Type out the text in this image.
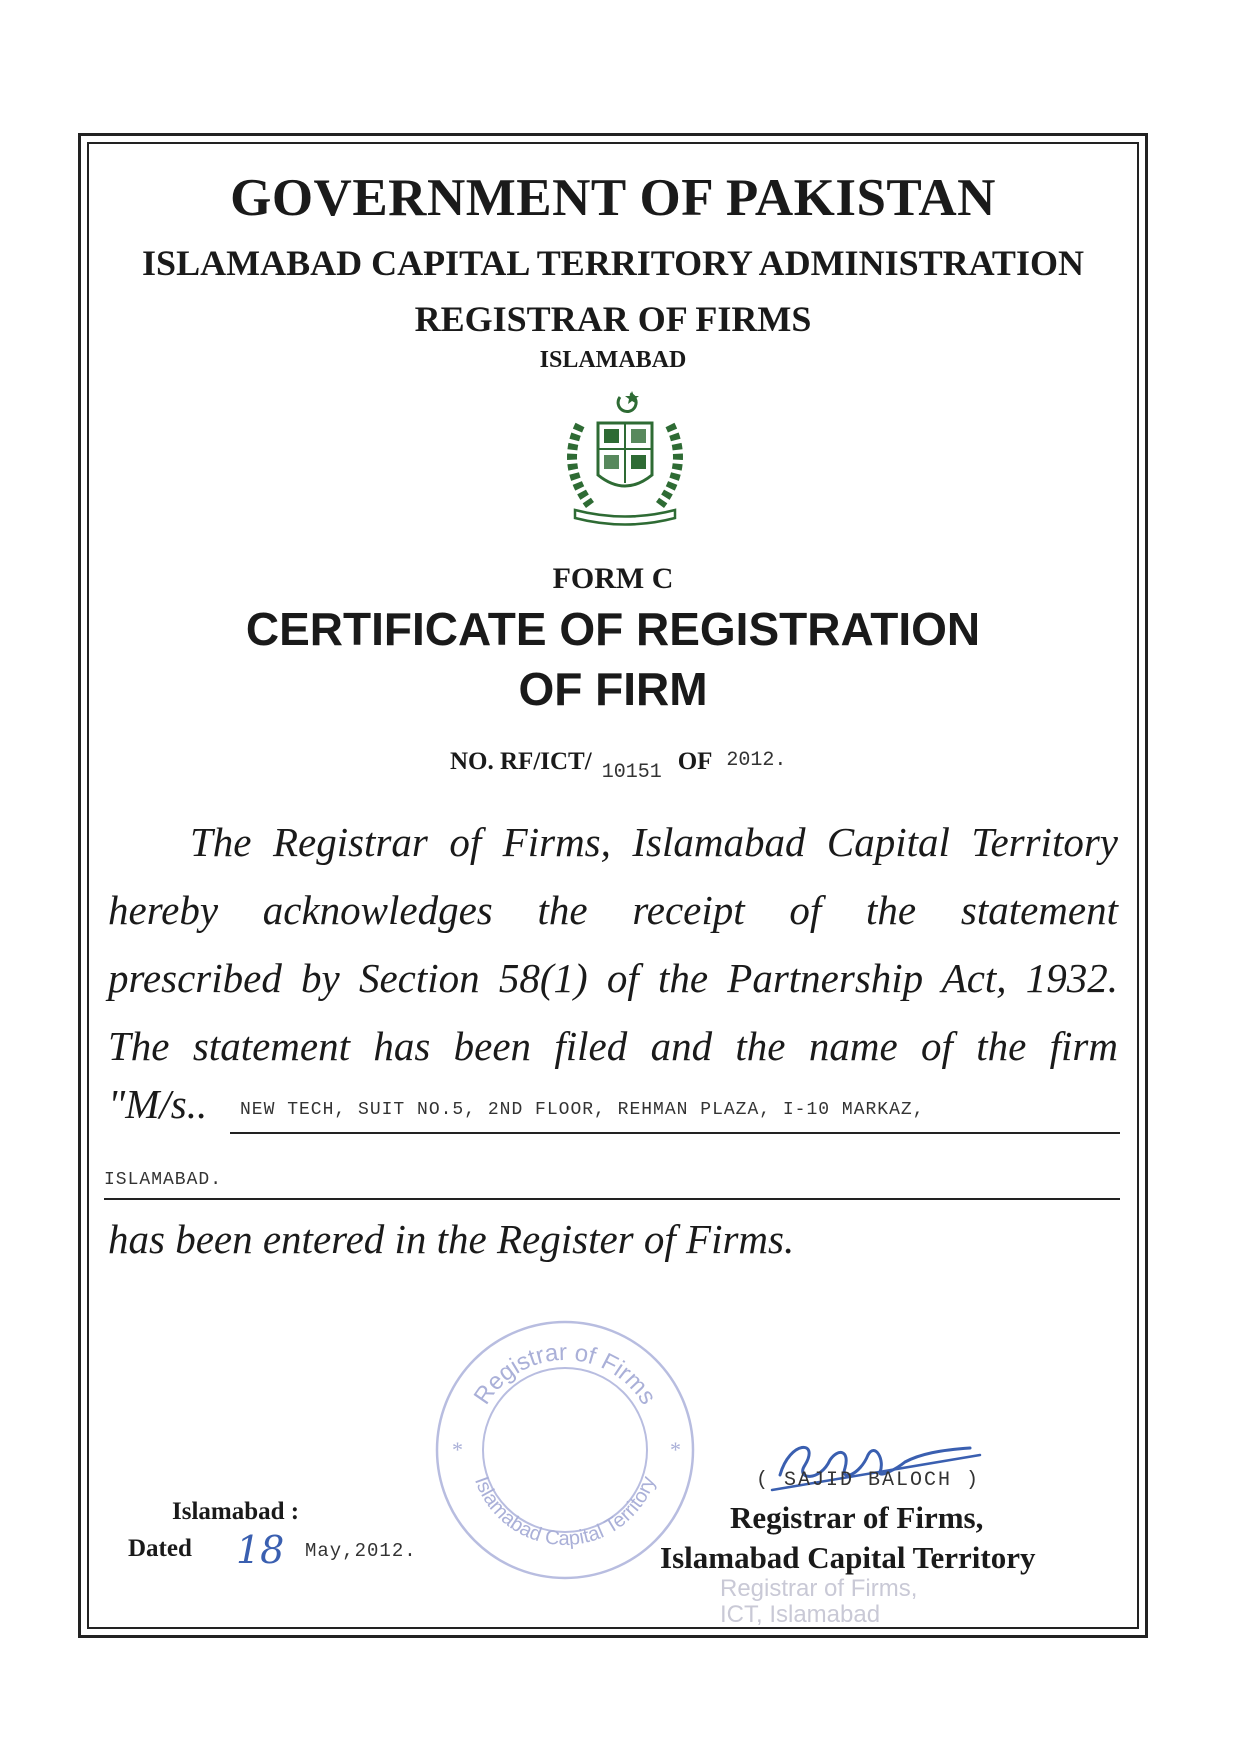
GOVERNMENT OF PAKISTAN
ISLAMABAD CAPITAL TERRITORY ADMINISTRATION
REGISTRAR OF FIRMS
ISLAMABAD
FORM C
CERTIFICATE OF REGISTRATION
OF FIRM
NO. RF/ICT/ $_{10151}$ OF 2012.
The Registrar of Firms, Islamabad Capital Territory
hereby acknowledges the receipt of the statement
prescribed by Section 58(1) of the Partnership Act, 1932.
The statement has been filed and the name of the firm
"M/s.. NEW TECH, SUIT NO.5, 2ND FLOOR, REHMAN PLAZA, I-10 MARKAZ,
ISLAMABAD.
has been entered in the Register of Firms.
Registrar of Firms
Islamabad Capital Territory
*	*
Islamabad :
Dated 18 May,2012.
( SAJID BALOCH )
Registrar of Firms,
Islamabad Capital Territory
Registrar of Firms,
ICT, Islamabad
